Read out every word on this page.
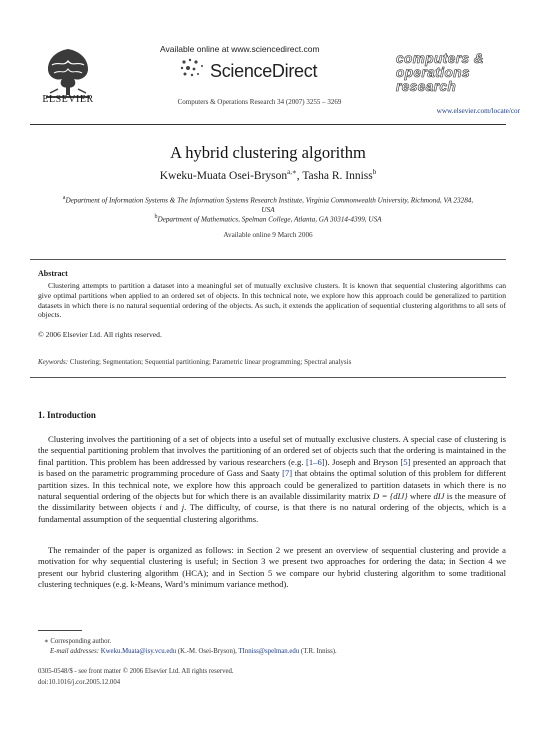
ELSEVIER
Available online at www.sciencedirect.com
ScienceDirect
Computers & Operations Research 34 (2007) 3255 – 3269
computers &
operations
research
www.elsevier.com/locate/cor
A hybrid clustering algorithm
Kweku-Muata Osei-Bryson$^{a,∗}$, Tasha R. Inniss$^b$
$^a$Department of Information Systems & The Information Systems Research Institute, Virginia Commonwealth University, Richmond, VA 23284, USA
$^b$Department of Mathematics, Spelman College, Atlanta, GA 30314-4399, USA
Available online 9 March 2006
Abstract
Clustering attempts to partition a dataset into a meaningful set of mutually exclusive clusters. It is known that sequential clustering algorithms can give optimal partitions when applied to an ordered set of objects. In this technical note, we explore how this approach could be generalized to partition datasets in which there is no natural sequential ordering of the objects. As such, it extends the application of sequential clustering algorithms to all sets of objects.
© 2006 Elsevier Ltd. All rights reserved.
Keywords: Clustering; Segmentation; Sequential partitioning; Parametric linear programming; Spectral analysis
1. Introduction
Clustering involves the partitioning of a set of objects into a useful set of mutually exclusive clusters. A special case of clustering is the sequential partitioning problem that involves the partitioning of an ordered set of objects such that the ordering is maintained in the final partition. This problem has been addressed by various researchers (e.g. [1–6]). Joseph and Bryson [5] presented an approach that is based on the parametric programming procedure of Gass and Saaty [7] that obtains the optimal solution of this problem for different partition sizes. In this technical note, we explore how this approach could be generalized to partition datasets in which there is no natural sequential ordering of the objects but for which there is an available dissimilarity matrix D = {dIJ} where dIJ is the measure of the dissimilarity between objects i and j. The difficulty, of course, is that there is no natural ordering of the objects, which is a fundamental assumption of the sequential clustering algorithms.
The remainder of the paper is organized as follows: in Section 2 we present an overview of sequential clustering and provide a motivation for why sequential clustering is useful; in Section 3 we present two approaches for ordering the data; in Section 4 we present our hybrid clustering algorithm (HCA); and in Section 5 we compare our hybrid clustering algorithm to some traditional clustering techniques (e.g. k-Means, Ward’s minimum variance method).
∗ Corresponding author.
E-mail addresses: Kweku.Muata@isy.vcu.edu (K.-M. Osei-Bryson), TInniss@spelman.edu (T.R. Inniss).
0305-0548/$ - see front matter © 2006 Elsevier Ltd. All rights reserved.
doi:10.1016/j.cor.2005.12.004
